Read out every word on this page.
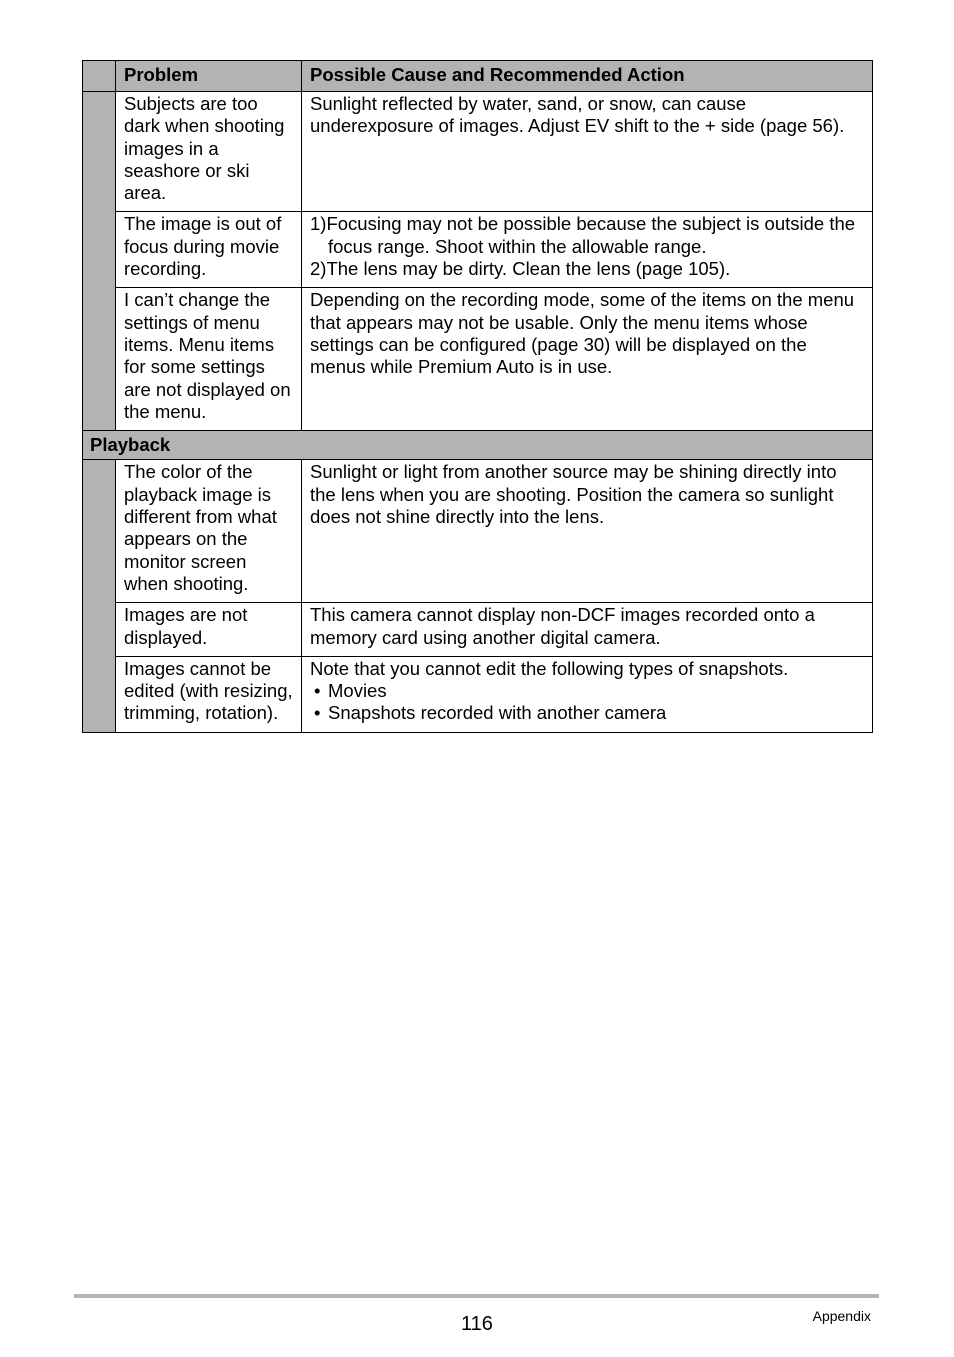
	Problem	Possible Cause and Recommended Action
	Subjects are too dark when shooting images in a seashore or ski area.	Sunlight reflected by water, sand, or snow, can cause underexposure of images. Adjust EV shift to the + side (page 56).
	The image is out of focus during movie recording.	1)Focusing may not be possible because the subject is outside the focus range. Shoot within the allowable range.
2)The lens may be dirty. Clean the lens (page 105).

	I can’t change the settings of menu items. Menu items for some settings are not displayed on the menu.	Depending on the recording mode, some of the items on the menu that appears may not be usable. Only the menu items whose settings can be configured (page 30) will be displayed on the menus while Premium Auto is in use.
Playback		
	The color of the playback image is different from what appears on the monitor screen when shooting.	Sunlight or light from another source may be shining directly into the lens when you are shooting. Position the camera so sunlight does not shine directly into the lens.
	Images are not displayed.	This camera cannot display non-DCF images recorded onto a memory card using another digital camera.
	Images cannot be edited (with resizing, trimming, rotation).	Note that you cannot edit the following types of snapshots.

• Movies
• Snapshots recorded with another camera
116	Appendix
